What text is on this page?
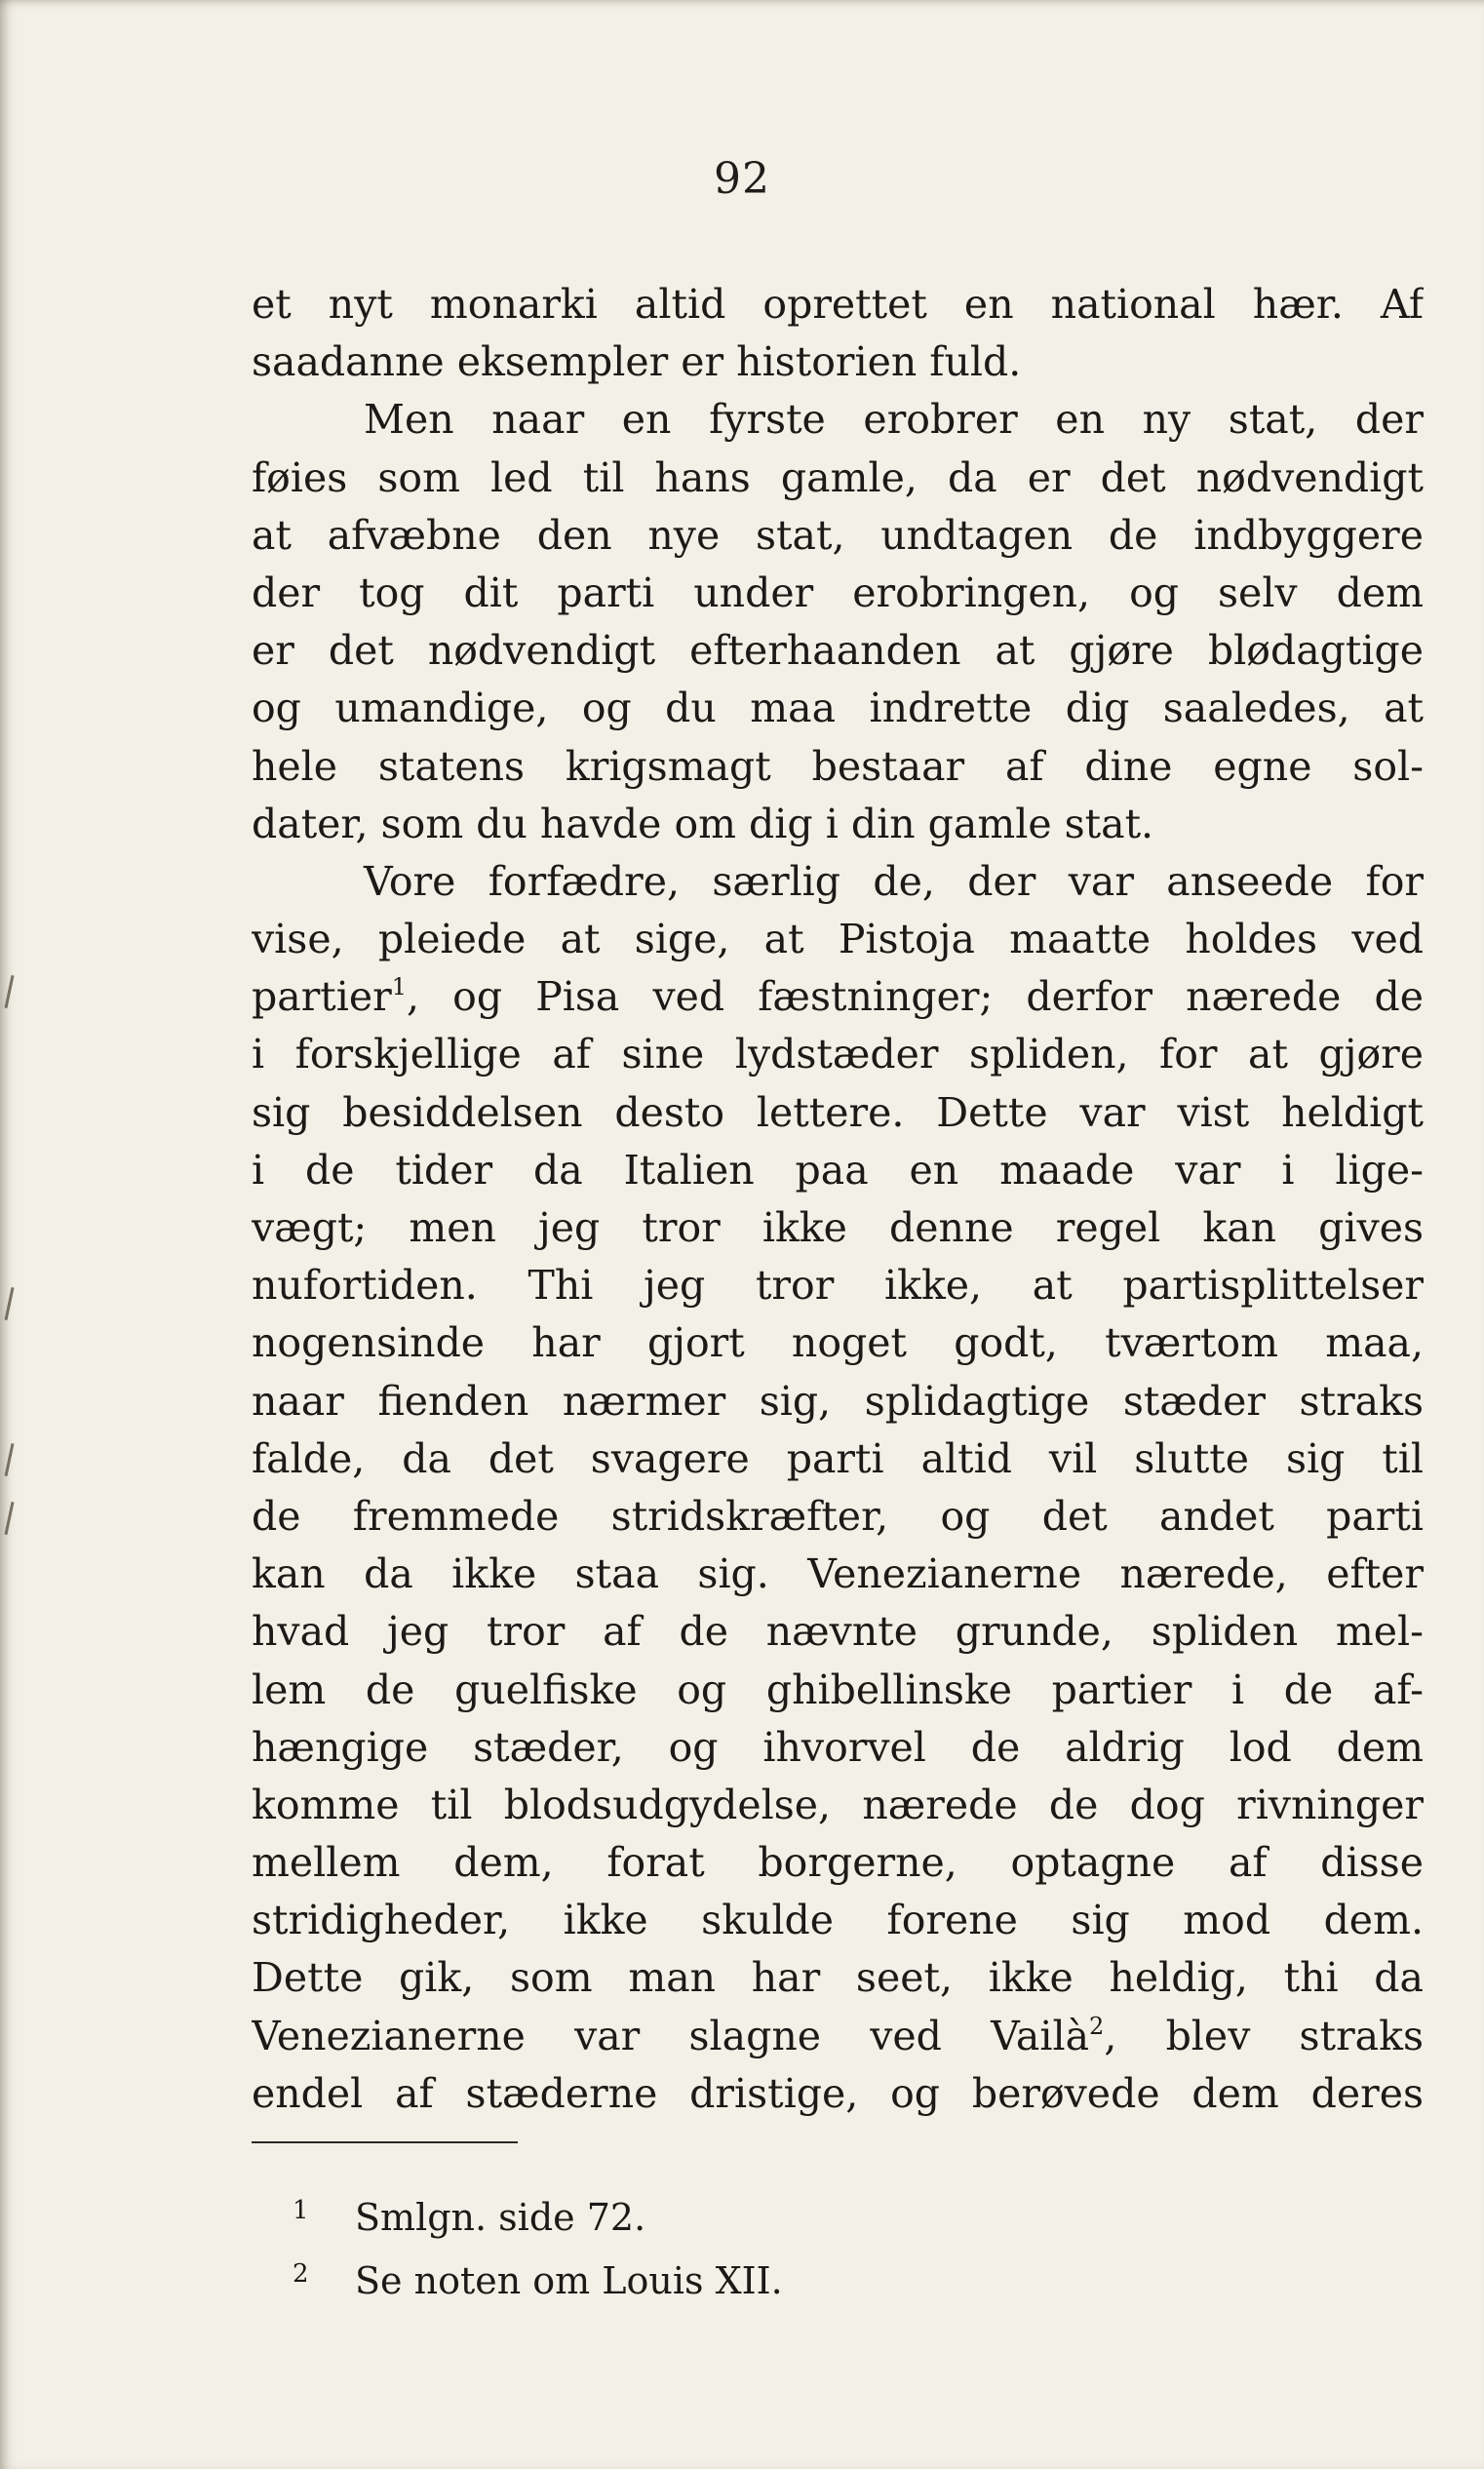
92
et nyt monarki altid oprettet en national hær. Af
saadanne eksempler er historien fuld.
Men naar en fyrste erobrer en ny stat, der
føies som led til hans gamle, da er det nødvendigt
at afvæbne den nye stat, undtagen de indbyggere
der tog dit parti under erobringen, og selv dem
er det nødvendigt efterhaanden at gjøre blødagtige
og umandige, og du maa indrette dig saaledes, at
hele statens krigsmagt bestaar af dine egne sol-
dater, som du havde om dig i din gamle stat.
Vore forfædre, særlig de, der var anseede for
vise, pleiede at sige, at Pistoja maatte holdes ved
partier$^1$, og Pisa ved fæstninger; derfor nærede de
i forskjellige af sine lydstæder spliden, for at gjøre
sig besiddelsen desto lettere. Dette var vist heldigt
i de tider da Italien paa en maade var i lige-
vægt; men jeg tror ikke denne regel kan gives
nufortiden. Thi jeg tror ikke, at partisplittelser
nogensinde har gjort noget godt, tværtom maa,
naar fienden nærmer sig, splidagtige stæder straks
falde, da det svagere parti altid vil slutte sig til
de fremmede stridskræfter, og det andet parti
kan da ikke staa sig. Venezianerne nærede, efter
hvad jeg tror af de nævnte grunde, spliden mel-
lem de guelfiske og ghibellinske partier i de af-
hængige stæder, og ihvorvel de aldrig lod dem
komme til blodsudgydelse, nærede de dog rivninger
mellem dem, forat borgerne, optagne af disse
stridigheder, ikke skulde forene sig mod dem.
Dette gik, som man har seet, ikke heldig, thi da
Venezianerne var slagne ved Vailà$^2$, blev straks
endel af stæderne dristige, og berøvede dem deres
1 Smlgn. side 72.
2 Se noten om Louis XII.
